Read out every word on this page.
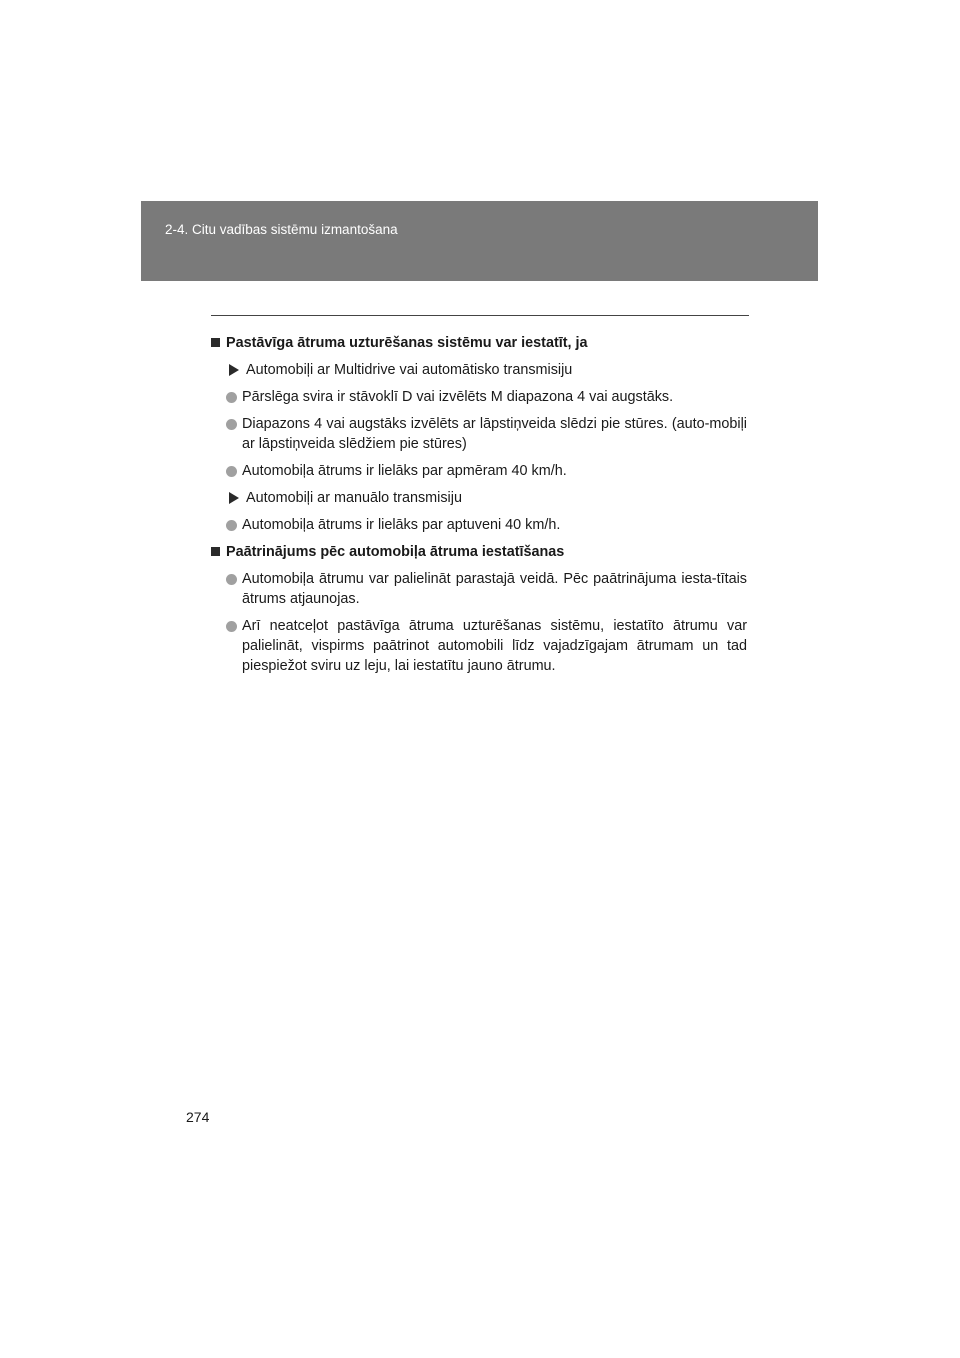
2-4. Citu vadības sistēmu izmantošana
Pastāvīga ātruma uzturēšanas sistēmu var iestatīt, ja
Automobiļi ar Multidrive vai automātisko transmisiju
Pārslēga svira ir stāvoklī D vai izvēlēts M diapazona 4 vai augstāks.
Diapazons 4 vai augstāks izvēlēts ar lāpstiņveida slēdzi pie stūres. (auto-mobiļi ar lāpstiņveida slēdžiem pie stūres)
Automobiļa ātrums ir lielāks par apmēram 40 km/h.
Automobiļi ar manuālo transmisiju
Automobiļa ātrums ir lielāks par aptuveni 40 km/h.
Paātrinājums pēc automobiļa ātruma iestatīšanas
Automobiļa ātrumu var palielināt parastajā veidā. Pēc paātrinājuma iesta-tītais ātrums atjaunojas.
Arī neatceļot pastāvīga ātruma uzturēšanas sistēmu, iestatīto ātrumu var palielināt, vispirms paātrinot automobili līdz vajadzīgajam ātrumam un tad piespiežot sviru uz leju, lai iestatītu jauno ātrumu.
274
